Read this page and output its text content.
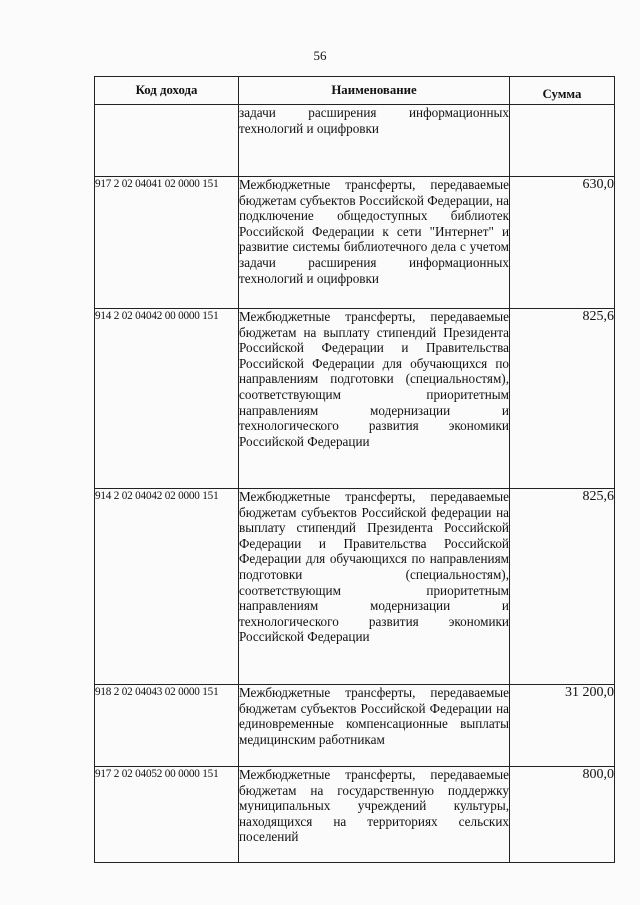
56
Код дохода	Наименование	Сумма
	задачи расширения информационных технологий и оцифровки	
917 2 02 04041 02 0000 151	Межбюджетные трансферты, передаваемые бюджетам субъектов Российской Федерации, на подключение общедоступных библиотек Российской Федерации к сети "Интернет" и развитие системы библиотечного дела с учетом задачи расширения информационных технологий и оцифровки	630,0
914 2 02 04042 00 0000 151	Межбюджетные трансферты, передаваемые бюджетам на выплату стипендий Президента Российской Федерации и Правительства Российской Федерации для обучающихся по направлениям подготовки (специальностям), соответствующим приоритетным направлениям модернизации и технологического развития экономики Российской Федерации	825,6
914 2 02 04042 02 0000 151	Межбюджетные трансферты, передаваемые бюджетам субъектов Российской федерации на выплату стипендий Президента Российской Федерации и Правительства Российской Федерации для обучающихся по направлениям подготовки (специальностям), соответствующим приоритетным направлениям модернизации и технологического развития экономики Российской Федерации	825,6
918 2 02 04043 02 0000 151	Межбюджетные трансферты, передаваемые бюджетам субъектов Российской Федерации на единовременные компенсационные выплаты медицинским работникам	31 200,0
917 2 02 04052 00 0000 151	Межбюджетные трансферты, передаваемые бюджетам на государственную поддержку муниципальных учреждений культуры, находящихся на территориях сельских поселений	800,0
